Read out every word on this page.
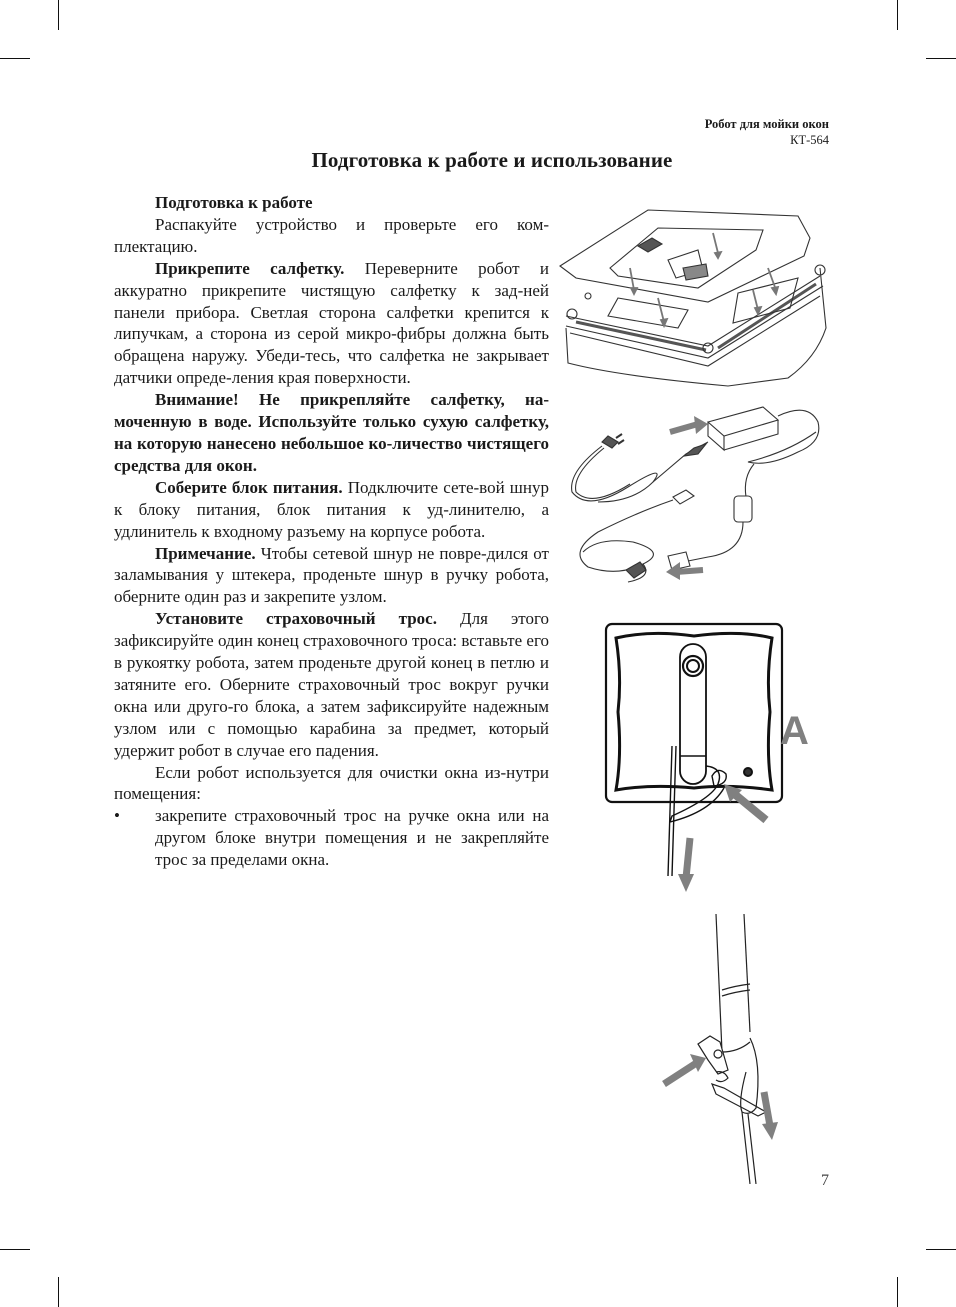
Робот для мойки окон
КТ-564
Подготовка к работе и использование

Подготовка к работе

Распакуйте устройство и проверьте его ком-плектацию.

Прикрепите салфетку. Переверните робот и аккуратно прикрепите чистящую салфетку к зад-ней панели прибора. Светлая сторона салфетки крепится к липучкам, а сторона из серой микро-фибры должна быть обращена наружу. Убеди-тесь, что салфетка не закрывает датчики опреде-ления края поверхности.

Внимание! Не прикрепляйте салфетку, на-моченную в воде. Используйте только сухую салфетку, на которую нанесено небольшое ко-личество чистящего средства для окон.

Соберите блок питания. Подключите сете-вой шнур к блоку питания, блок питания к уд-линителю, а удлинитель к входному разъему на корпусе робота.

Примечание. Чтобы сетевой шнур не повре-дился от заламывания у штекера, проденьте шнур в ручку робота, оберните один раз и закрепите узлом.

Установите страховочный трос. Для этого зафиксируйте один конец страховочного троса: вставьте его в рукоятку робота, затем проденьте другой конец в петлю и затяните его. Оберните страховочный трос вокруг ручки окна или друго-го блока, а затем зафиксируйте надежным узлом или с помощью карабина за предмет, который удержит робот в случае его падения.

Если робот используется для очистки окна из-нутри помещения:

• закрепите страховочный трос на ручке окна или на другом блоке внутри помещения и не закрепляйте трос за пределами окна.
A
7
